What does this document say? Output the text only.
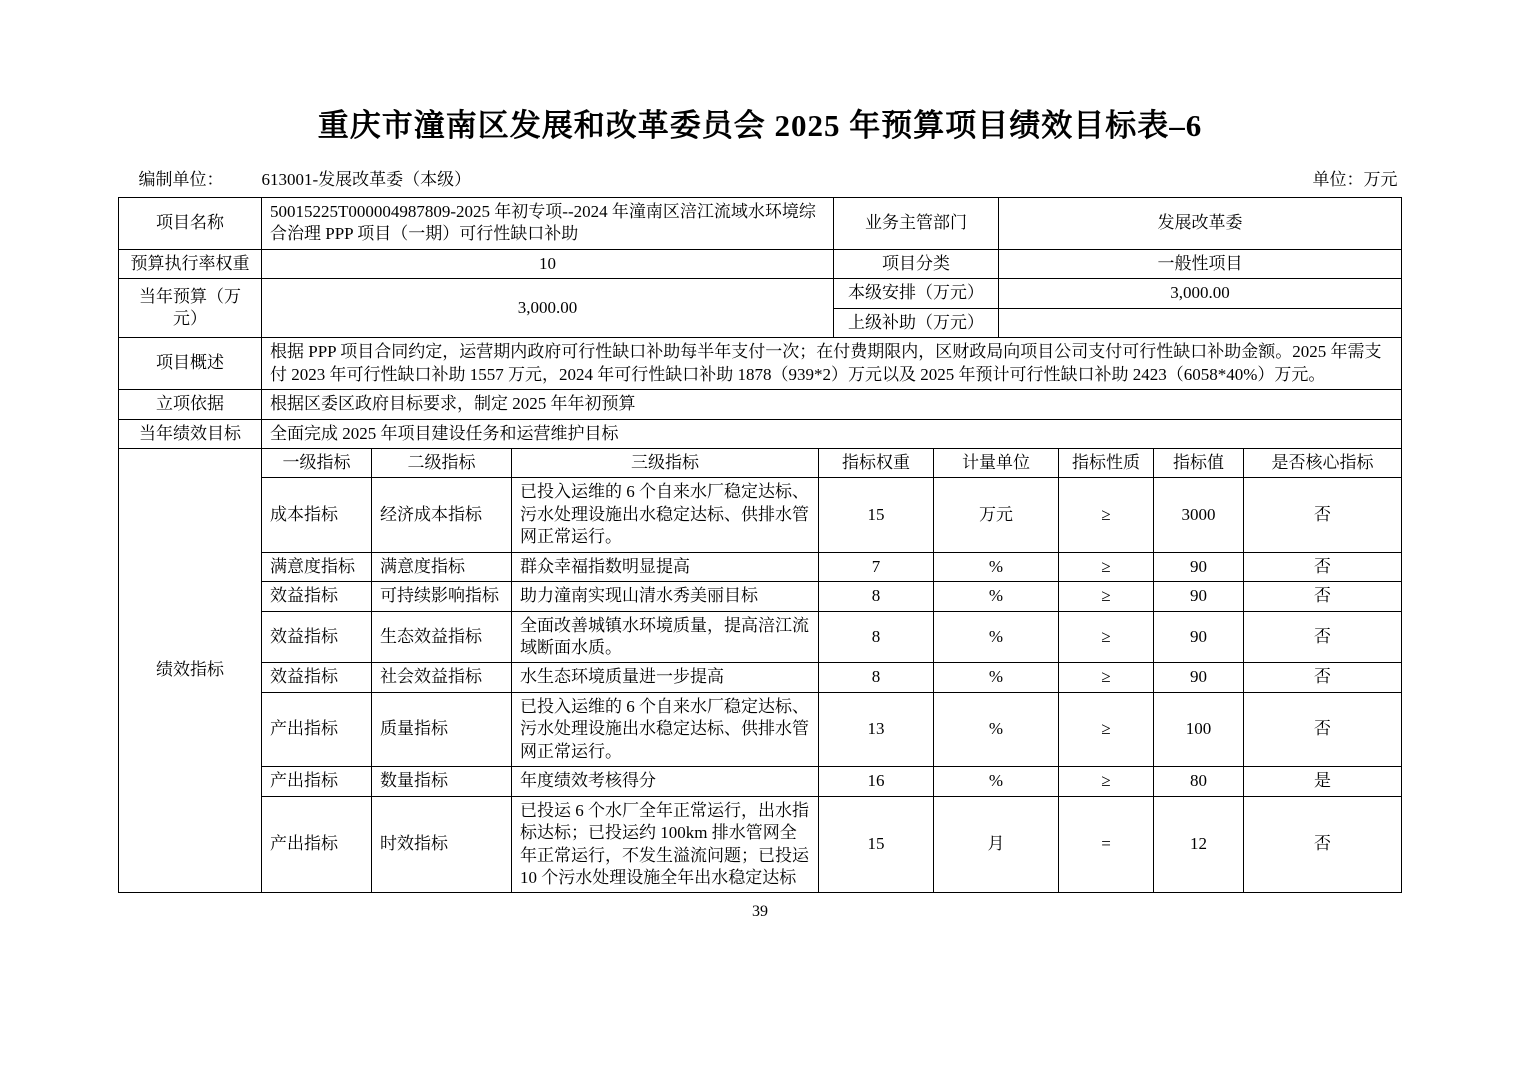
重庆市潼南区发展和改革委员会 2025 年预算项目绩效目标表–6
编制单位： 613001-发展改革委（本级）	单位：万元
项目名称	50015225T000004987809-2025 年初专项--2024 年潼南区涪江流域水环境综合治理 PPP 项目（一期）可行性缺口补助	业务主管部门	发展改革委
预算执行率权重	10	项目分类	一般性项目
当年预算（万元）	3,000.00	本级安排（万元）	3,000.00
		上级补助（万元）	
项目概述	根据 PPP 项目合同约定，运营期内政府可行性缺口补助每半年支付一次；在付费期限内，区财政局向项目公司支付可行性缺口补助金额。2025 年需支付 2023 年可行性缺口补助 1557 万元，2024 年可行性缺口补助 1878（939*2）万元以及 2025 年预计可行性缺口补助 2423（6058*40%）万元。
立项依据	根据区委区政府目标要求，制定 2025 年年初预算
当年绩效目标	全面完成 2025 年项目建设任务和运营维护目标
绩效指标	一级指标	二级指标	三级指标	指标权重	计量单位	指标性质	指标值	是否核心指标
	成本指标	经济成本指标	已投入运维的 6 个自来水厂稳定达标、污水处理设施出水稳定达标、供排水管网正常运行。	15	万元	≥	3000	否
	满意度指标	满意度指标	群众幸福指数明显提高	7	%	≥	90	否
	效益指标	可持续影响指标	助力潼南实现山清水秀美丽目标	8	%	≥	90	否
	效益指标	生态效益指标	全面改善城镇水环境质量，提高涪江流域断面水质。	8	%	≥	90	否
	效益指标	社会效益指标	水生态环境质量进一步提高	8	%	≥	90	否
	产出指标	质量指标	已投入运维的 6 个自来水厂稳定达标、污水处理设施出水稳定达标、供排水管网正常运行。	13	%	≥	100	否
	产出指标	数量指标	年度绩效考核得分	16	%	≥	80	是
	产出指标	时效指标	已投运 6 个水厂全年正常运行，出水指标达标；已投运约 100km 排水管网全年正常运行，不发生溢流问题；已投运 10 个污水处理设施全年出水稳定达标	15	月	=	12	否
39
